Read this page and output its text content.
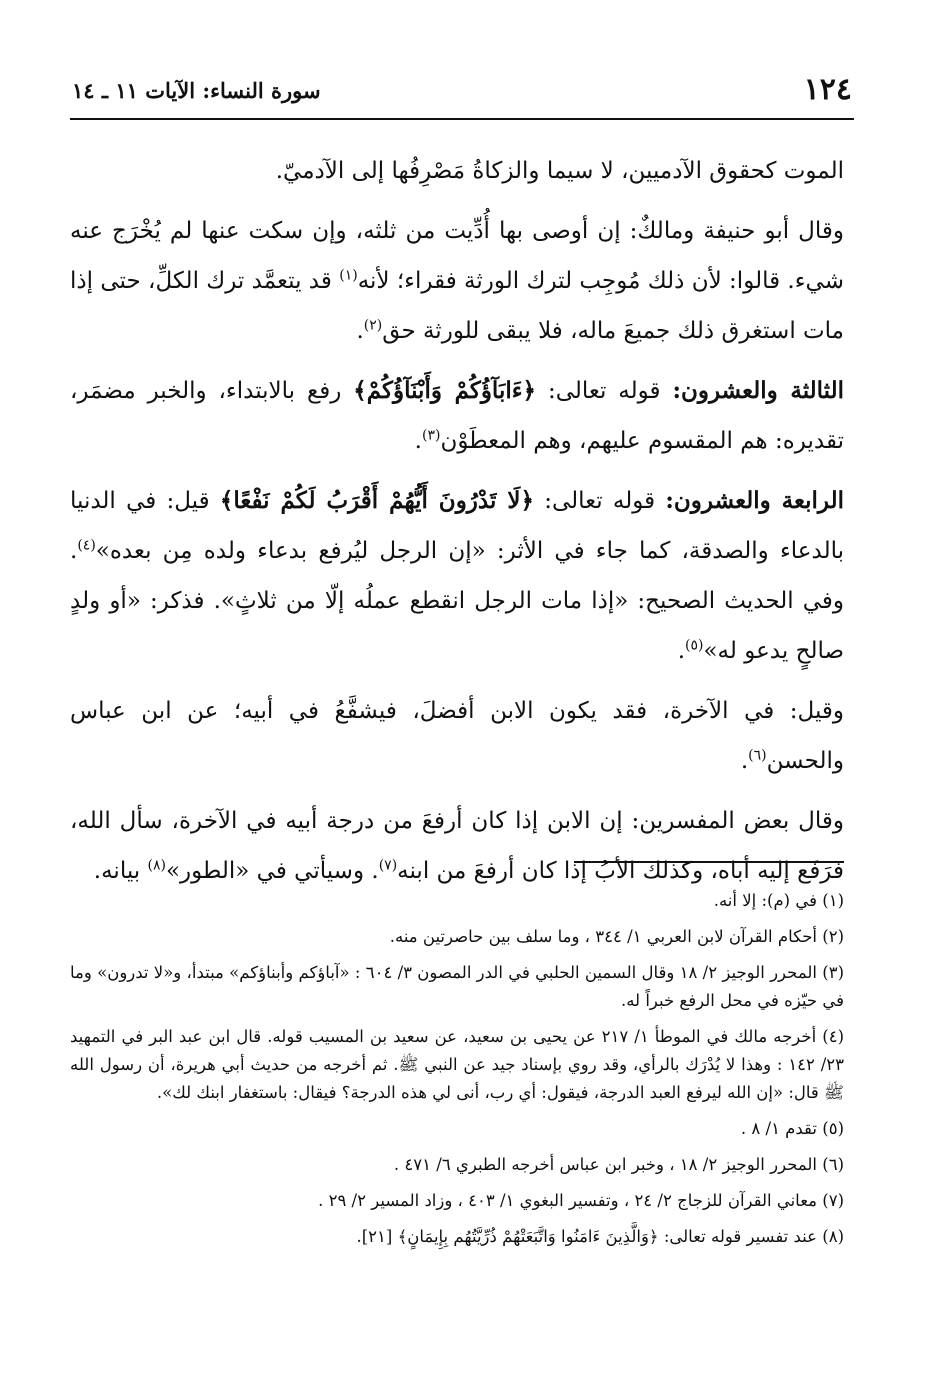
١٢٤
سورة النساء: الآيات ١١ ـ ١٤

الموت كحقوق الآدميين، لا سيما والزكاةُ مَصْرِفُها إلى الآدميّ.

وقال أبو حنيفة ومالكٌ: إن أوصى بها أُدِّيت من ثلثه، وإن سكت عنها لم يُخْرَج عنه شيء. قالوا: لأن ذلك مُوجِب لترك الورثة فقراء؛ لأنه$^{(١)}$ قد يتعمَّد ترك الكلِّ، حتى إذا مات استغرق ذلك جميعَ ماله، فلا يبقى للورثة حق$^{(٢)}$.

الثالثة والعشرون: قوله تعالى: ﴿ءَابَآؤُكُمْ وَأَبْنَآؤُكُمْ﴾ رفع بالابتداء، والخبر مضمَر، تقديره: هم المقسوم عليهم، وهم المعطَوْن$^{(٣)}$.

الرابعة والعشرون: قوله تعالى: ﴿لَا تَدْرُونَ أَيُّهُمْ أَقْرَبُ لَكُمْ نَفْعًا﴾ قيل: في الدنيا بالدعاء والصدقة، كما جاء في الأثر: «إن الرجل ليُرفع بدعاء ولده مِن بعده»$^{(٤)}$. وفي الحديث الصحيح: «إذا مات الرجل انقطع عملُه إلّا من ثلاثٍ». فذكر: «أو ولدٍ صالحٍ يدعو له»$^{(٥)}$.

وقيل: في الآخرة، فقد يكون الابن أفضلَ، فيشفَّعُ في أبيه؛ عن ابن عباس والحسن$^{(٦)}$.

وقال بعض المفسرين: إن الابن إذا كان أرفعَ من درجة أبيه في الآخرة، سأل الله، فرَفَع إليه أباه، وكذلك الأبُ إذا كان أرفعَ من ابنه$^{(٧)}$. وسيأتي في «الطور»$^{(٨)}$ بيانه.

(١) في (م): إلا أنه.

(٢) أحكام القرآن لابن العربي ١/ ٣٤٤ ، وما سلف بين حاصرتين منه.

(٣) المحرر الوجيز ٢/ ١٨ وقال السمين الحلبي في الدر المصون ٣/ ٦٠٤ : «آباؤكم وأبناؤكم» مبتدأ، و«لا تدرون» وما في حيّزه في محل الرفع خبراً له.

(٤) أخرجه مالك في الموطأ ١/ ٢١٧ عن يحيى بن سعيد، عن سعيد بن المسيب قوله. قال ابن عبد البر في التمهيد ٢٣/ ١٤٢ : وهذا لا يُدْرَك بالرأي، وقد روي بإسناد جيد عن النبي ﷺ. ثم أخرجه من حديث أبي هريرة، أن رسول الله ﷺ قال: «إن الله ليرفع العبد الدرجة، فيقول: أي رب، أنى لي هذه الدرجة؟ فيقال: باستغفار ابنك لك».

(٥) تقدم ١/ ٨ .

(٦) المحرر الوجيز ٢/ ١٨ ، وخبر ابن عباس أخرجه الطبري ٦/ ٤٧١ .

(٧) معاني القرآن للزجاج ٢/ ٢٤ ، وتفسير البغوي ١/ ٤٠٣ ، وزاد المسير ٢/ ٢٩ .

(٨) عند تفسير قوله تعالى: ﴿وَالَّذِينَ ءَامَنُوا وَاتَّبَعَتْهُمْ ذُرِّيَّتُهُم بِإِيمَانٍ﴾ [٢١].
